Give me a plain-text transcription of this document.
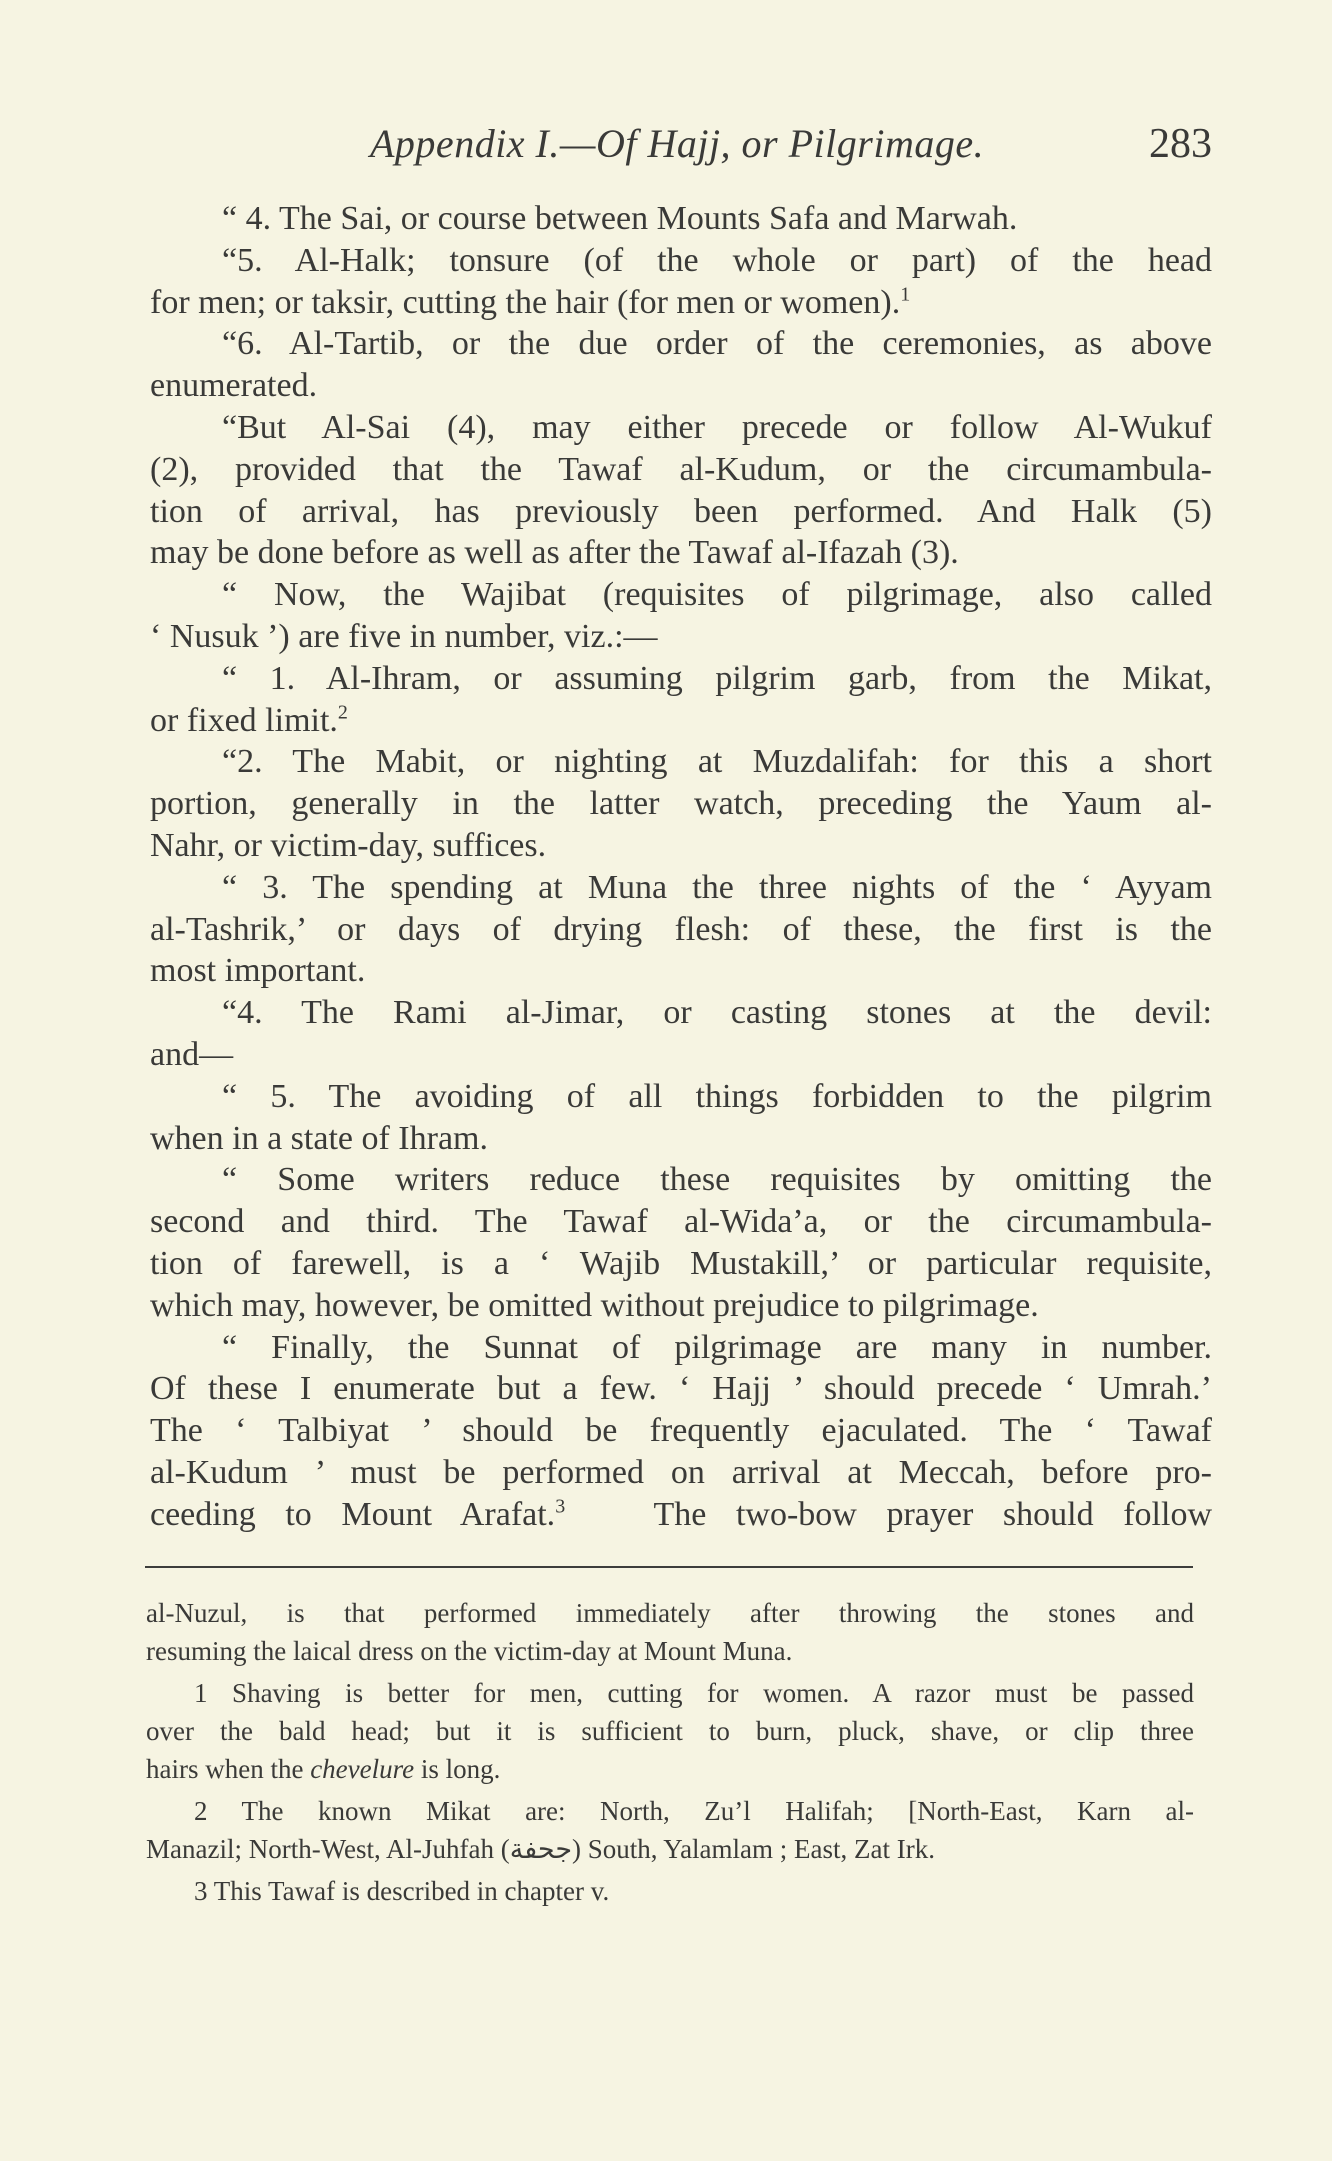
Appendix I.—Of Hajj, or Pilgrimage.	283
“ 4. The Sai, or course between Mounts Safa and Marwah.
“5. Al-Halk; tonsure (of the whole or part) of the head
for men; or taksir, cutting the hair (for men or women).$^1$
“6. Al-Tartib, or the due order of the ceremonies, as above
enumerated.
“But Al-Sai (4), may either precede or follow Al-Wukuf
(2), provided that the Tawaf al-Kudum, or the circumambula-
tion of arrival, has previously been performed. And Halk (5)
may be done before as well as after the Tawaf al-Ifazah (3).
“ Now, the Wajibat (requisites of pilgrimage, also called
‘ Nusuk ’) are five in number, viz.:—
“ 1. Al-Ihram, or assuming pilgrim garb, from the Mikat,
or fixed limit.$^2$
“2. The Mabit, or nighting at Muzdalifah: for this a short
portion, generally in the latter watch, preceding the Yaum al-
Nahr, or victim-day, suffices.
“ 3. The spending at Muna the three nights of the ‘ Ayyam
al-Tashrik,’ or days of drying flesh: of these, the first is the
most important.
“4. The Rami al-Jimar, or casting stones at the devil:
and—
“ 5. The avoiding of all things forbidden to the pilgrim
when in a state of Ihram.
“ Some writers reduce these requisites by omitting the
second and third. The Tawaf al-Wida’a, or the circumambula-
tion of farewell, is a ‘ Wajib Mustakill,’ or particular requisite,
which may, however, be omitted without prejudice to pilgrimage.
“ Finally, the Sunnat of pilgrimage are many in number.
Of these I enumerate but a few. ‘ Hajj ’ should precede ‘ Umrah.’
The ‘ Talbiyat ’ should be frequently ejaculated. The ‘ Tawaf
al-Kudum ’ must be performed on arrival at Meccah, before pro-
ceeding to Mount Arafat.$^3$	The two-bow prayer should follow
al-Nuzul, is that performed immediately after throwing the stones and
resuming the laical dress on the victim-day at Mount Muna.
1 Shaving is better for men, cutting for women. A razor must be passed
over the bald head; but it is sufficient to burn, pluck, shave, or clip three
hairs when the chevelure is long.
2 The known Mikat are: North, Zu’l Halifah; [North-East, Karn al-
Manazil; North-West, Al-Juhfah (جحفة) South, Yalamlam ; East, Zat Irk.
3 This Tawaf is described in chapter v.
